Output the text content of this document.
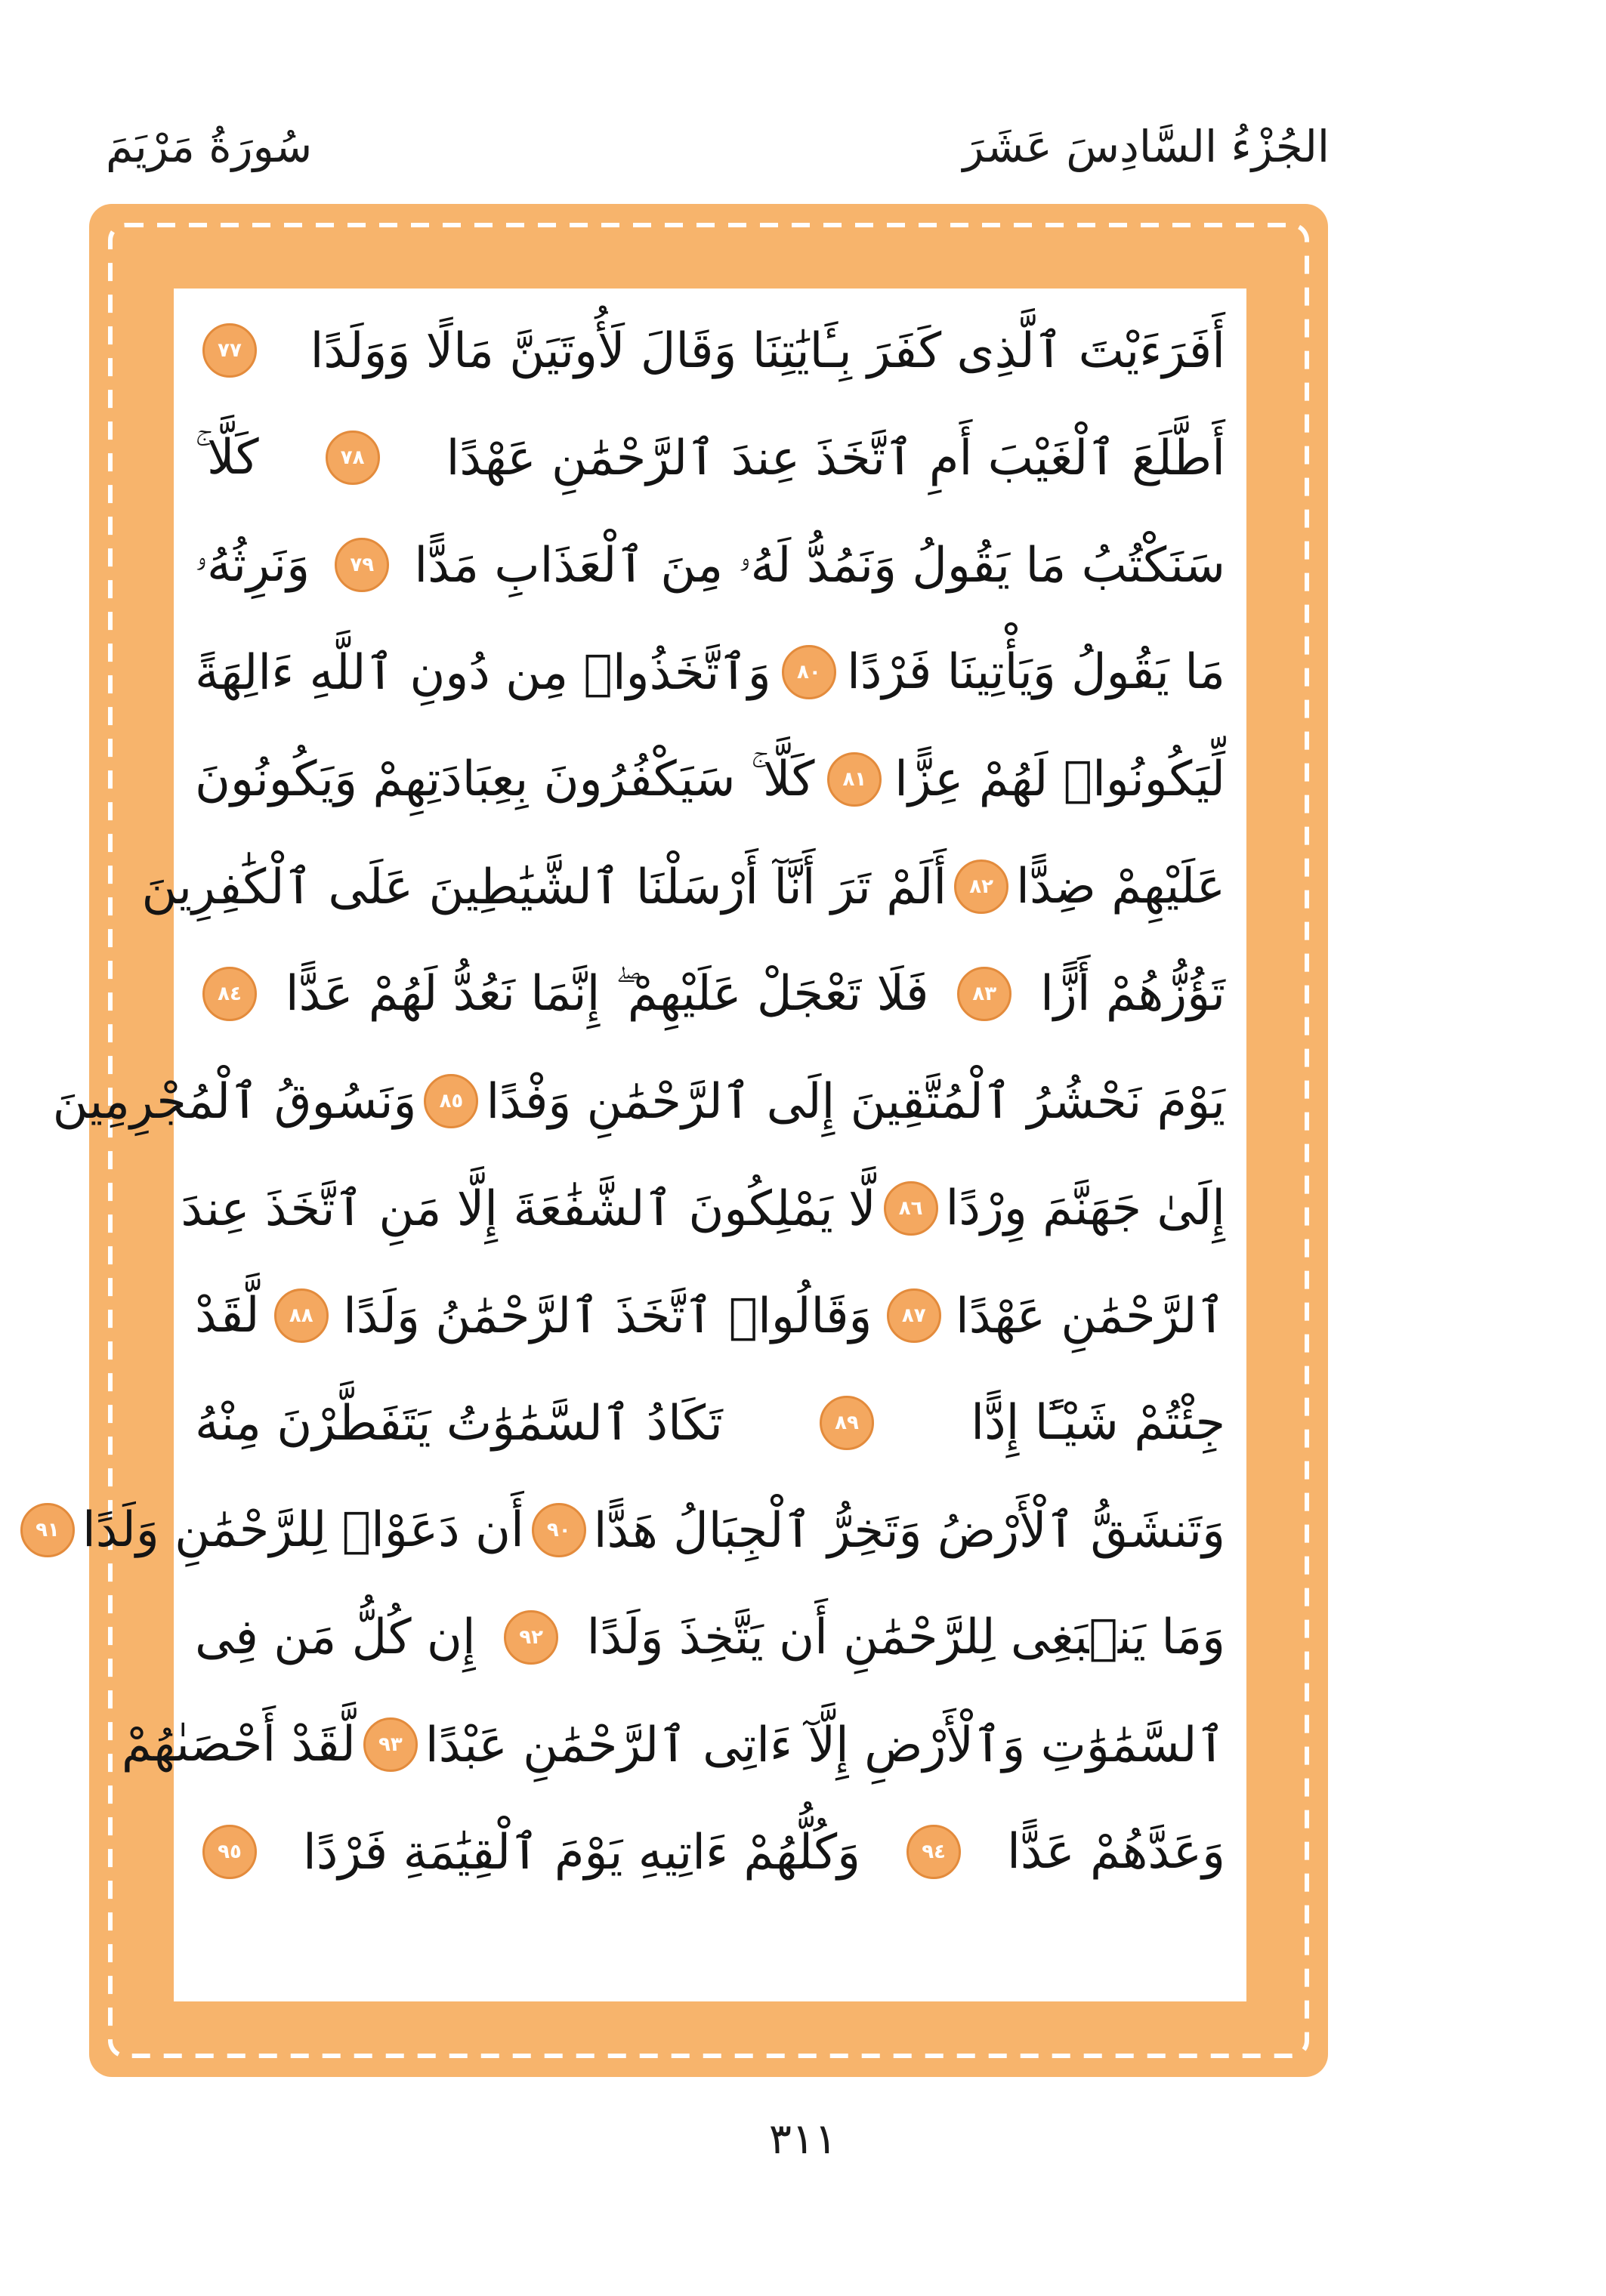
الجُزْءُ السَّادِسَ عَشَرَ
سُورَةُ مَرْيَمَ
أَفَرَءَيْتَ ٱلَّذِى كَفَرَ بِـَٔايَٰتِنَا وَقَالَ لَأُوتَيَنَّ مَالًا وَوَلَدًا
٧٧
أَطَّلَعَ ٱلْغَيْبَ أَمِ ٱتَّخَذَ عِندَ ٱلرَّحْمَٰنِ عَهْدًا
٧٨
كَلَّا ۚ
سَنَكْتُبُ مَا يَقُولُ وَنَمُدُّ لَهُۥ مِنَ ٱلْعَذَابِ مَدًّا
٧٩
وَنَرِثُهُۥ
مَا يَقُولُ وَيَأْتِينَا فَرْدًا
٨٠
وَٱتَّخَذُوا۟ مِن دُونِ ٱللَّهِ ءَالِهَةً
لِّيَكُونُوا۟ لَهُمْ عِزًّا
٨١
كَلَّا ۚ سَيَكْفُرُونَ بِعِبَادَتِهِمْ وَيَكُونُونَ
عَلَيْهِمْ ضِدًّا
٨٢
أَلَمْ تَرَ أَنَّآ أَرْسَلْنَا ٱلشَّيَٰطِينَ عَلَى ٱلْكَٰفِرِينَ
تَؤُزُّهُمْ أَزًّا
٨٣
فَلَا تَعْجَلْ عَلَيْهِمْ ۖ إِنَّمَا نَعُدُّ لَهُمْ عَدًّا
٨٤
يَوْمَ نَحْشُرُ ٱلْمُتَّقِينَ إِلَى ٱلرَّحْمَٰنِ وَفْدًا
٨٥
وَنَسُوقُ ٱلْمُجْرِمِينَ
إِلَىٰ جَهَنَّمَ وِرْدًا
٨٦
لَّا يَمْلِكُونَ ٱلشَّفَٰعَةَ إِلَّا مَنِ ٱتَّخَذَ عِندَ
ٱلرَّحْمَٰنِ عَهْدًا
٨٧
وَقَالُوا۟ ٱتَّخَذَ ٱلرَّحْمَٰنُ وَلَدًا
٨٨
لَّقَدْ
جِئْتُمْ شَيْـًٔا إِدًّا
٨٩
تَكَادُ ٱلسَّمَٰوَٰتُ يَتَفَطَّرْنَ مِنْهُ
وَتَنشَقُّ ٱلْأَرْضُ وَتَخِرُّ ٱلْجِبَالُ هَدًّا
٩٠
أَن دَعَوْا۟ لِلرَّحْمَٰنِ وَلَدًا
٩١
وَمَا يَنۢبَغِى لِلرَّحْمَٰنِ أَن يَتَّخِذَ وَلَدًا
٩٢
إِن كُلُّ مَن فِى
ٱلسَّمَٰوَٰتِ وَٱلْأَرْضِ إِلَّآ ءَاتِى ٱلرَّحْمَٰنِ عَبْدًا
٩٣
لَّقَدْ أَحْصَىٰهُمْ
وَعَدَّهُمْ عَدًّا
٩٤
وَكُلُّهُمْ ءَاتِيهِ يَوْمَ ٱلْقِيَٰمَةِ فَرْدًا
٩٥
٣١١
